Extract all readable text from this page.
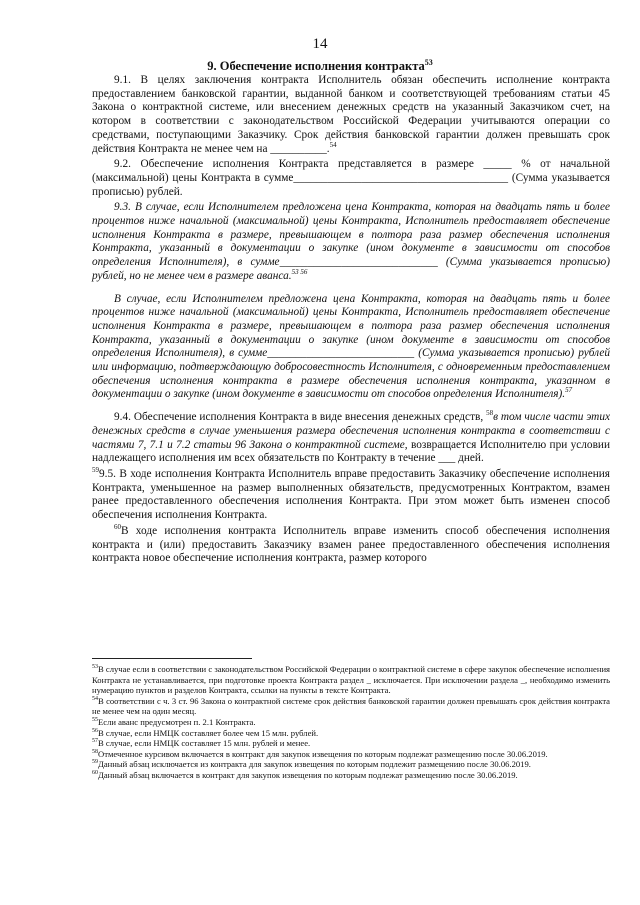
14
9. Обеспечение исполнения контракта$^{53}$

9.1. В целях заключения контракта Исполнитель обязан обеспечить исполнение контракта предоставлением банковской гарантии, выданной банком и соответствующей требованиям статьи 45 Закона о контрактной системе, или внесением денежных средств на указанный Заказчиком счет, на котором в соответствии с законодательством Российской Федерации учитываются операции со средствами, поступающими Заказчику. Срок действия банковской гарантии должен превышать срок действия Контракта не менее чем на __________.$^{54}$

9.2. Обеспечение исполнения Контракта представляется в размере _____ % от начальной (максимальной) цены Контракта в сумме______________________________________ (Сумма указывается прописью) рублей.

9.3. В случае, если Исполнителем предложена цена Контракта, которая на двадцать пять и более процентов ниже начальной (максимальной) цены Контракта, Исполнитель предоставляет обеспечение исполнения Контракта в размере, превышающем в полтора раза размер обеспечения исполнения Контракта, указанный в документации о закупке (ином документе в зависимости от способов определения Исполнителя), в сумме____________________________ (Сумма указывается прописью) рублей, но не менее чем в размере аванса.$^{53 56}$

В случае, если Исполнителем предложена цена Контракта, которая на двадцать пять и более процентов ниже начальной (максимальной) цены Контракта, Исполнитель предоставляет обеспечение исполнения Контракта в размере, превышающем в полтора раза размер обеспечения исполнения Контракта, указанный в документации о закупке (ином документе в зависимости от способов определения Исполнителя), в сумме__________________________ (Сумма указывается прописью) рублей или информацию, подтверждающую добросовестность Исполнителя, с одновременным предоставлением обеспечения исполнения контракта в размере обеспечения исполнения контракта, указанном в документации о закупке (ином документе в зависимости от способов определения Исполнителя).$^{57}$

9.4. Обеспечение исполнения Контракта в виде внесения денежных средств, $^{58}$в том числе части этих денежных средств в случае уменьшения размера обеспечения исполнения контракта в соответствии с частями 7, 7.1 и 7.2 статьи 96 Закона о контрактной системе, возвращается Исполнителю при условии надлежащего исполнения им всех обязательств по Контракту в течение ___ дней.

$^{59}$9.5. В ходе исполнения Контракта Исполнитель вправе предоставить Заказчику обеспечение исполнения Контракта, уменьшенное на размер выполненных обязательств, предусмотренных Контрактом, взамен ранее предоставленного обеспечения исполнения Контракта. При этом может быть изменен способ обеспечения исполнения Контракта.

$^{60}$В ходе исполнения контракта Исполнитель вправе изменить способ обеспечения исполнения контракта и (или) предоставить Заказчику взамен ранее предоставленного обеспечения исполнения контракта новое обеспечение исполнения контракта, размер которого

$^{53}$В случае если в соответствии с законодательством Российской Федерации о контрактной системе в сфере закупок обеспечение исполнения Контракта не устанавливается, при подготовке проекта Контракта раздел _ исключается. При исключении раздела _, необходимо изменить нумерацию пунктов и разделов Контракта, ссылки на пункты в тексте Контракта.
$^{54}$В соответствии с ч. 3 ст. 96 Закона о контрактной системе срок действия банковской гарантии должен превышать срок действия контракта не менее чем на один месяц.
$^{55}$Если аванс предусмотрен п. 2.1 Контракта.
$^{56}$В случае, если НМЦК составляет более чем 15 млн. рублей.
$^{57}$В случае, если НМЦК составляет 15 млн. рублей и менее.
$^{58}$Отмеченное курсивом включается в контракт для закупок извещения по которым подлежат размещению после 30.06.2019.
$^{59}$Данный абзац исключается из контракта для закупок извещения по которым подлежит размещению после 30.06.2019.
$^{60}$Данный абзац включается в контракт для закупок извещения по которым подлежат размещению после 30.06.2019.
